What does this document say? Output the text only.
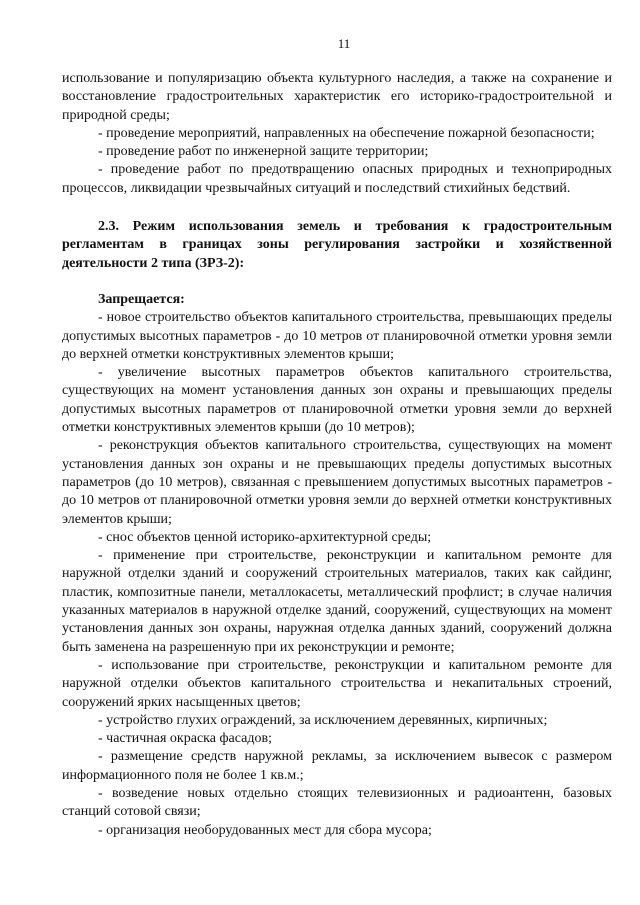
11

использование и популяризацию объекта культурного наследия, а также на сохранение и восстановление градостроительных характеристик его историко-градостроительной и природной среды;

- проведение мероприятий, направленных на обеспечение пожарной безопасности;

- проведение работ по инженерной защите территории;

- проведение работ по предотвращению опасных природных и техноприродных процессов, ликвидации чрезвычайных ситуаций и последствий стихийных бедствий.

2.3. Режим использования земель и требования к градостроительным регламентам в границах зоны регулирования застройки и хозяйственной деятельности 2 типа (ЗРЗ-2):

Запрещается:

- новое строительство объектов капитального строительства, превышающих пределы допустимых высотных параметров - до 10 метров от планировочной отметки уровня земли до верхней отметки конструктивных элементов крыши;

- увеличение высотных параметров объектов капитального строительства, существующих на момент установления данных зон охраны и превышающих пределы допустимых высотных параметров от планировочной отметки уровня земли до верхней отметки конструктивных элементов крыши (до 10 метров);

- реконструкция объектов капитального строительства, существующих на момент установления данных зон охраны и не превышающих пределы допустимых высотных параметров (до 10 метров), связанная с превышением допустимых высотных параметров - до 10 метров от планировочной отметки уровня земли до верхней отметки конструктивных элементов крыши;

- снос объектов ценной историко-архитектурной среды;

- применение при строительстве, реконструкции и капитальном ремонте для наружной отделки зданий и сооружений строительных материалов, таких как сайдинг, пластик, композитные панели, металлокасеты, металлический профлист; в случае наличия указанных материалов в наружной отделке зданий, сооружений, существующих на момент установления данных зон охраны, наружная отделка данных зданий, сооружений должна быть заменена на разрешенную при их реконструкции и ремонте;

- использование при строительстве, реконструкции и капитальном ремонте для наружной отделки объектов капитального строительства и некапитальных строений, сооружений ярких насыщенных цветов;

- устройство глухих ограждений, за исключением деревянных, кирпичных;

- частичная окраска фасадов;

- размещение средств наружной рекламы, за исключением вывесок с размером информационного поля не более 1 кв.м.;

- возведение новых отдельно стоящих телевизионных и радиоантенн, базовых станций сотовой связи;

- организация необорудованных мест для сбора мусора;
